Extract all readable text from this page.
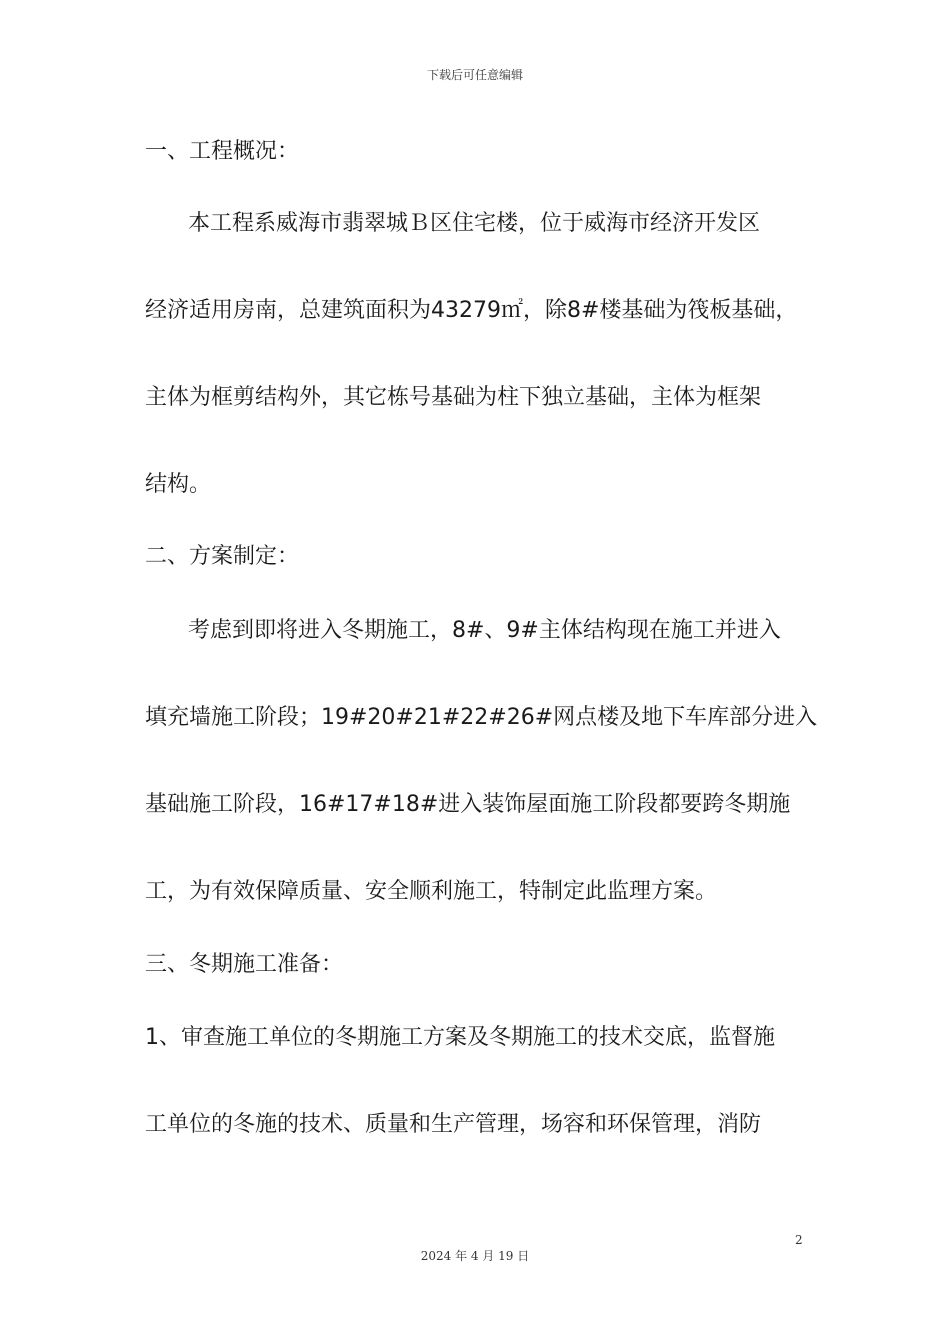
下载后可任意编辑
一、工程概况：
本工程系威海市翡翠城Ｂ区住宅楼，位于威海市经济开发区
经济适用房南，总建筑面积为43279㎡，除8#楼基础为筏板基础，
主体为框剪结构外，其它栋号基础为柱下独立基础，主体为框架
结构。
二、方案制定：
考虑到即将进入冬期施工，8#、9#主体结构现在施工并进入
填充墙施工阶段；19#20#21#22#26#网点楼及地下车库部分进入
基础施工阶段，16#17#18#进入装饰屋面施工阶段都要跨冬期施
工，为有效保障质量、安全顺利施工，特制定此监理方案。
三、冬期施工准备：
1、审查施工单位的冬期施工方案及冬期施工的技术交底，监督施
工单位的冬施的技术、质量和生产管理，场容和环保管理，消防
2
2024 年 4 月 19 日
